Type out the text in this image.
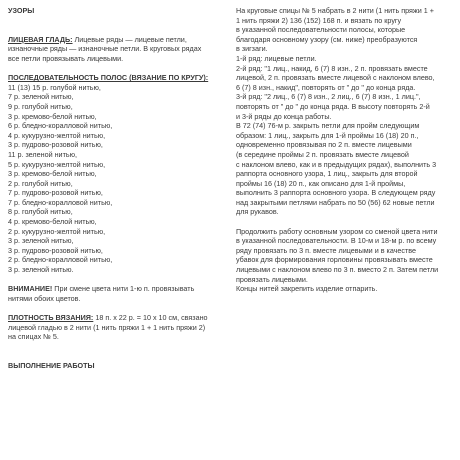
УЗОРЫ

ЛИЦЕВАЯ ГЛАДЬ: Лицевые ряды — лицевые петли,

изнаночные ряды — изнаночные петли. В круговых рядах

все петли провязывать лицевыми.

ПОСЛЕДОВАТЕЛЬНОСТЬ ПОЛОС (ВЯЗАНИЕ ПО КРУГУ):

11 (13) 15 р. голубой нитью,

7 р. зеленой нитью,

9 р. голубой нитью,

3 р. кремово-белой нитью,

6 р. бледно-коралловой нитью,

4 р. кукурузно-желтой нитью,

3 р. пудрово-розовой нитью,

11 р. зеленой нитью,

5 р. кукурузно-желтой нитью,

3 р. кремово-белой нитью,

2 р. голубой нитью,

7 р. пудрово-розовой нитью,

7 р. бледно-коралловой нитью,

8 р. голубой нитью,

4 р. кремово-белой нитью,

2 р. кукурузно-желтой нитью,

3 р. зеленой нитью,

3 р. пудрово-розовой нитью,

2 р. бледно-коралловой нитью,

3 р. зеленой нитью.

ВНИМАНИЕ! При смене цвета нити 1-ю п. провязывать

нитями обоих цветов.

ПЛОТНОСТЬ ВЯЗАНИЯ: 18 п. х 22 р. = 10 х 10 см, связано

лицевой гладью в 2 нити (1 нить пряжи 1 + 1 нить пряжи 2)

на спицах № 5.

ВЫПОЛНЕНИЕ РАБОТЫ

На круговые спицы № 5 набрать в 2 нити (1 нить пряжи 1 +

1 нить пряжи 2) 136 (152) 168 п. и вязать по кругу

в указанной последовательности полосы, которые

благодаря основному узору (см. ниже) преобразуются

в зигзаги.

1-й ряд: лицевые петли.

2-й ряд: "1 лиц., накид, 6 (7) 8 изн., 2 п. провязать вместе

лицевой, 2 п. провязать вместе лицевой с наклоном влево,

6 (7) 8 изн., накид", повторять от " до " до конца ряда.

3-й ряд: "2 лиц., 6 (7) 8 изн., 2 лиц., 6 (7) 8 изн., 1 лиц.",

повторять от " до " до конца ряда. В высоту повторять 2-й

и 3-й ряды до конца работы.

В 72 (74) 76-м р. закрыть петли для пройм следующим

образом: 1 лиц., закрыть для 1-й проймы 16 (18) 20 п.,

одновременно провязывая по 2 п. вместе лицевыми

(в середине проймы 2 п. провязать вместе лицевой

с наклоном влево, как и в предыдущих рядах), выполнить 3

раппорта основного узора, 1 лиц., закрыть для второй

проймы 16 (18) 20 п., как описано для 1-й проймы,

выполнить 3 раппорта основного узора. В следующем ряду

над закрытыми петлями набрать по 50 (56) 62 новые петли

для рукавов.

Продолжить работу основным узором со сменой цвета нити

в указанной последовательности. В 10-м и 18-м р. по всему

ряду провязать по 3 п. вместе лицевыми и в качестве

убавок для формирования горловины провязывать вместе

лицевыми с наклоном влево по 3 п. вместо 2 п. Затем петли

провязать лицевыми.

Концы нитей закрепить изделие отпарить.
